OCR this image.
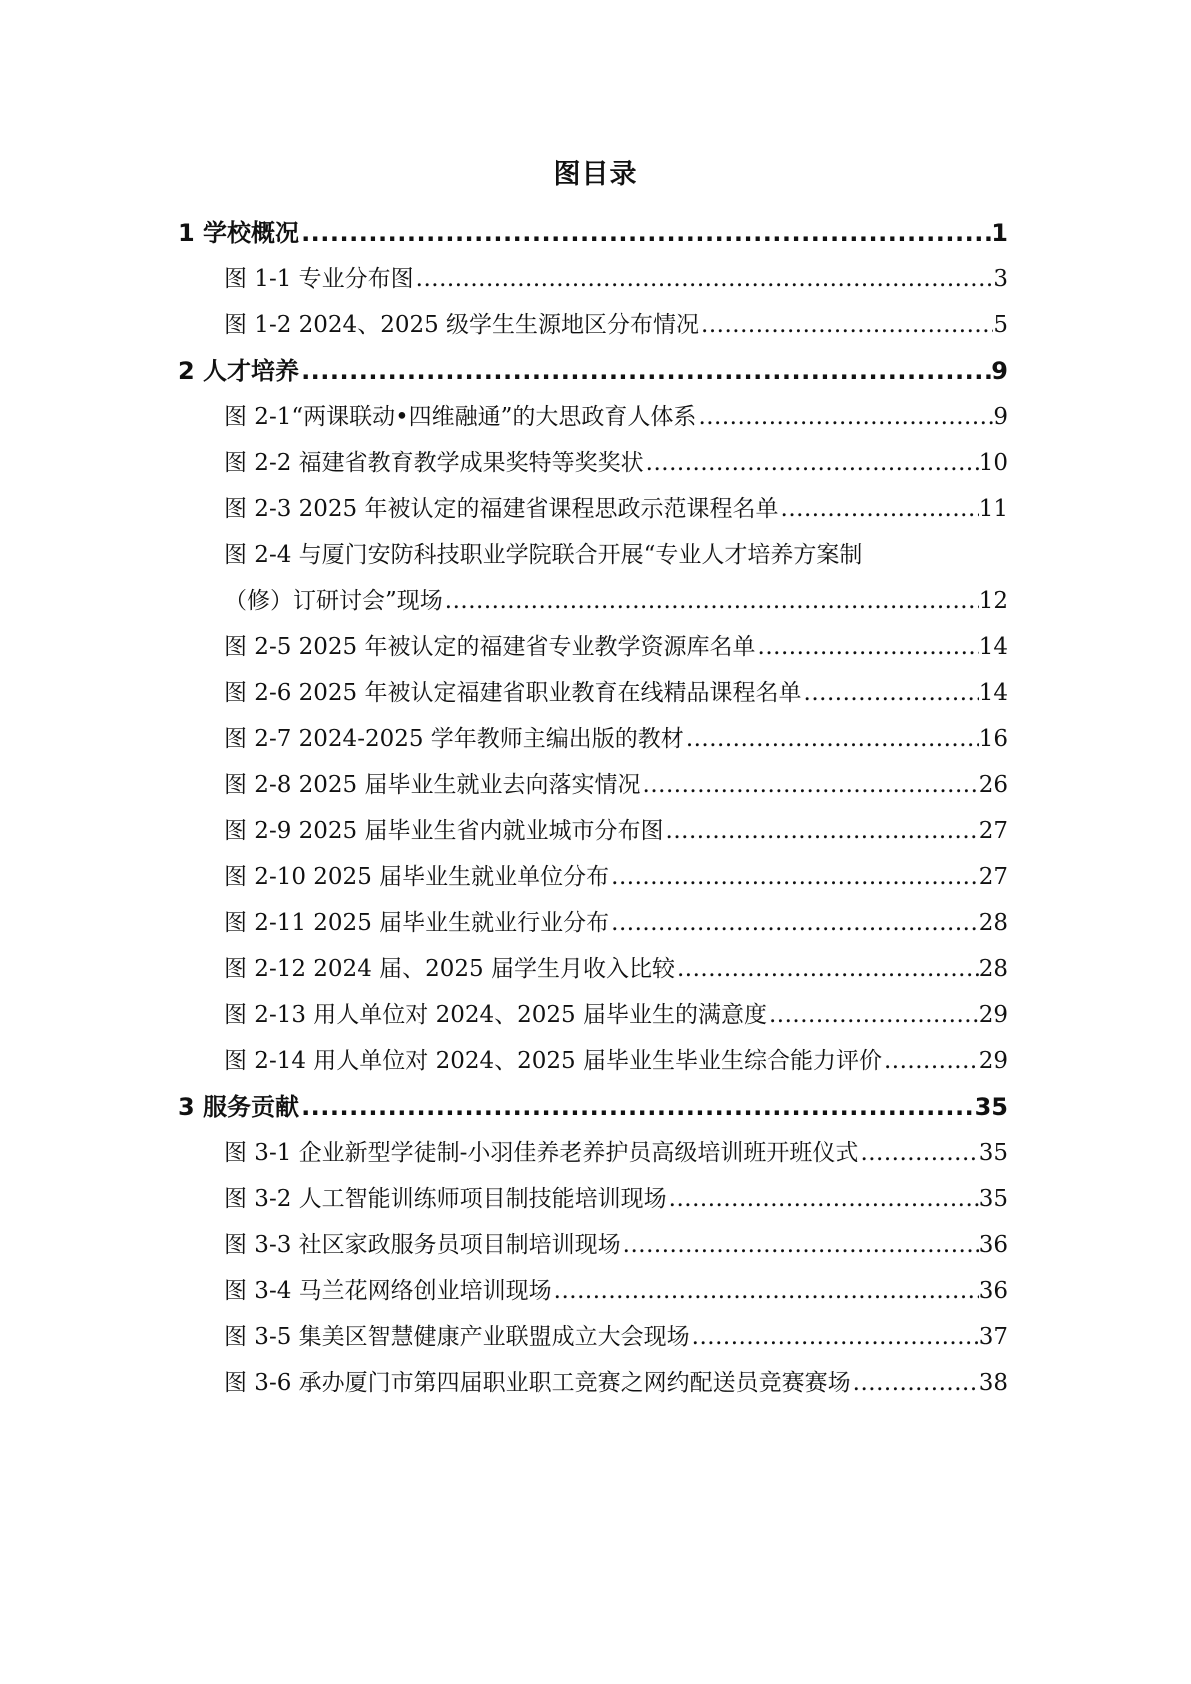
图目录
1 学校概况 .....	1
图 1-1 专业分布图 .....	3
图 1-2 2024、2025 级学生生源地区分布情况 .....	5
2 人才培养 .....	9
图 2-1“两课联动•四维融通”的大思政育人体系 .....	9
图 2-2 福建省教育教学成果奖特等奖奖状 .....	10
图 2-3 2025 年被认定的福建省课程思政示范课程名单 .....	11
图 2-4 与厦门安防科技职业学院联合开展“专业人才培养方案制
（修）订研讨会”现场 .....	12
图 2-5 2025 年被认定的福建省专业教学资源库名单 .....	14
图 2-6 2025 年被认定福建省职业教育在线精品课程名单 .....	14
图 2-7 2024-2025 学年教师主编出版的教材 .....	16
图 2-8 2025 届毕业生就业去向落实情况 .....	26
图 2-9 2025 届毕业生省内就业城市分布图 .....	27
图 2-10 2025 届毕业生就业单位分布 .....	27
图 2-11 2025 届毕业生就业行业分布 .....	28
图 2-12 2024 届、2025 届学生月收入比较 .....	28
图 2-13 用人单位对 2024、2025 届毕业生的满意度 .....	29
图 2-14 用人单位对 2024、2025 届毕业生毕业生综合能力评价 .....	29
3 服务贡献 .....	35
图 3-1 企业新型学徒制-小羽佳养老养护员高级培训班开班仪式 .....	35
图 3-2 人工智能训练师项目制技能培训现场 .....	35
图 3-3 社区家政服务员项目制培训现场 .....	36
图 3-4 马兰花网络创业培训现场 .....	36
图 3-5 集美区智慧健康产业联盟成立大会现场 .....	37
图 3-6 承办厦门市第四届职业职工竞赛之网约配送员竞赛赛场 .....	38
